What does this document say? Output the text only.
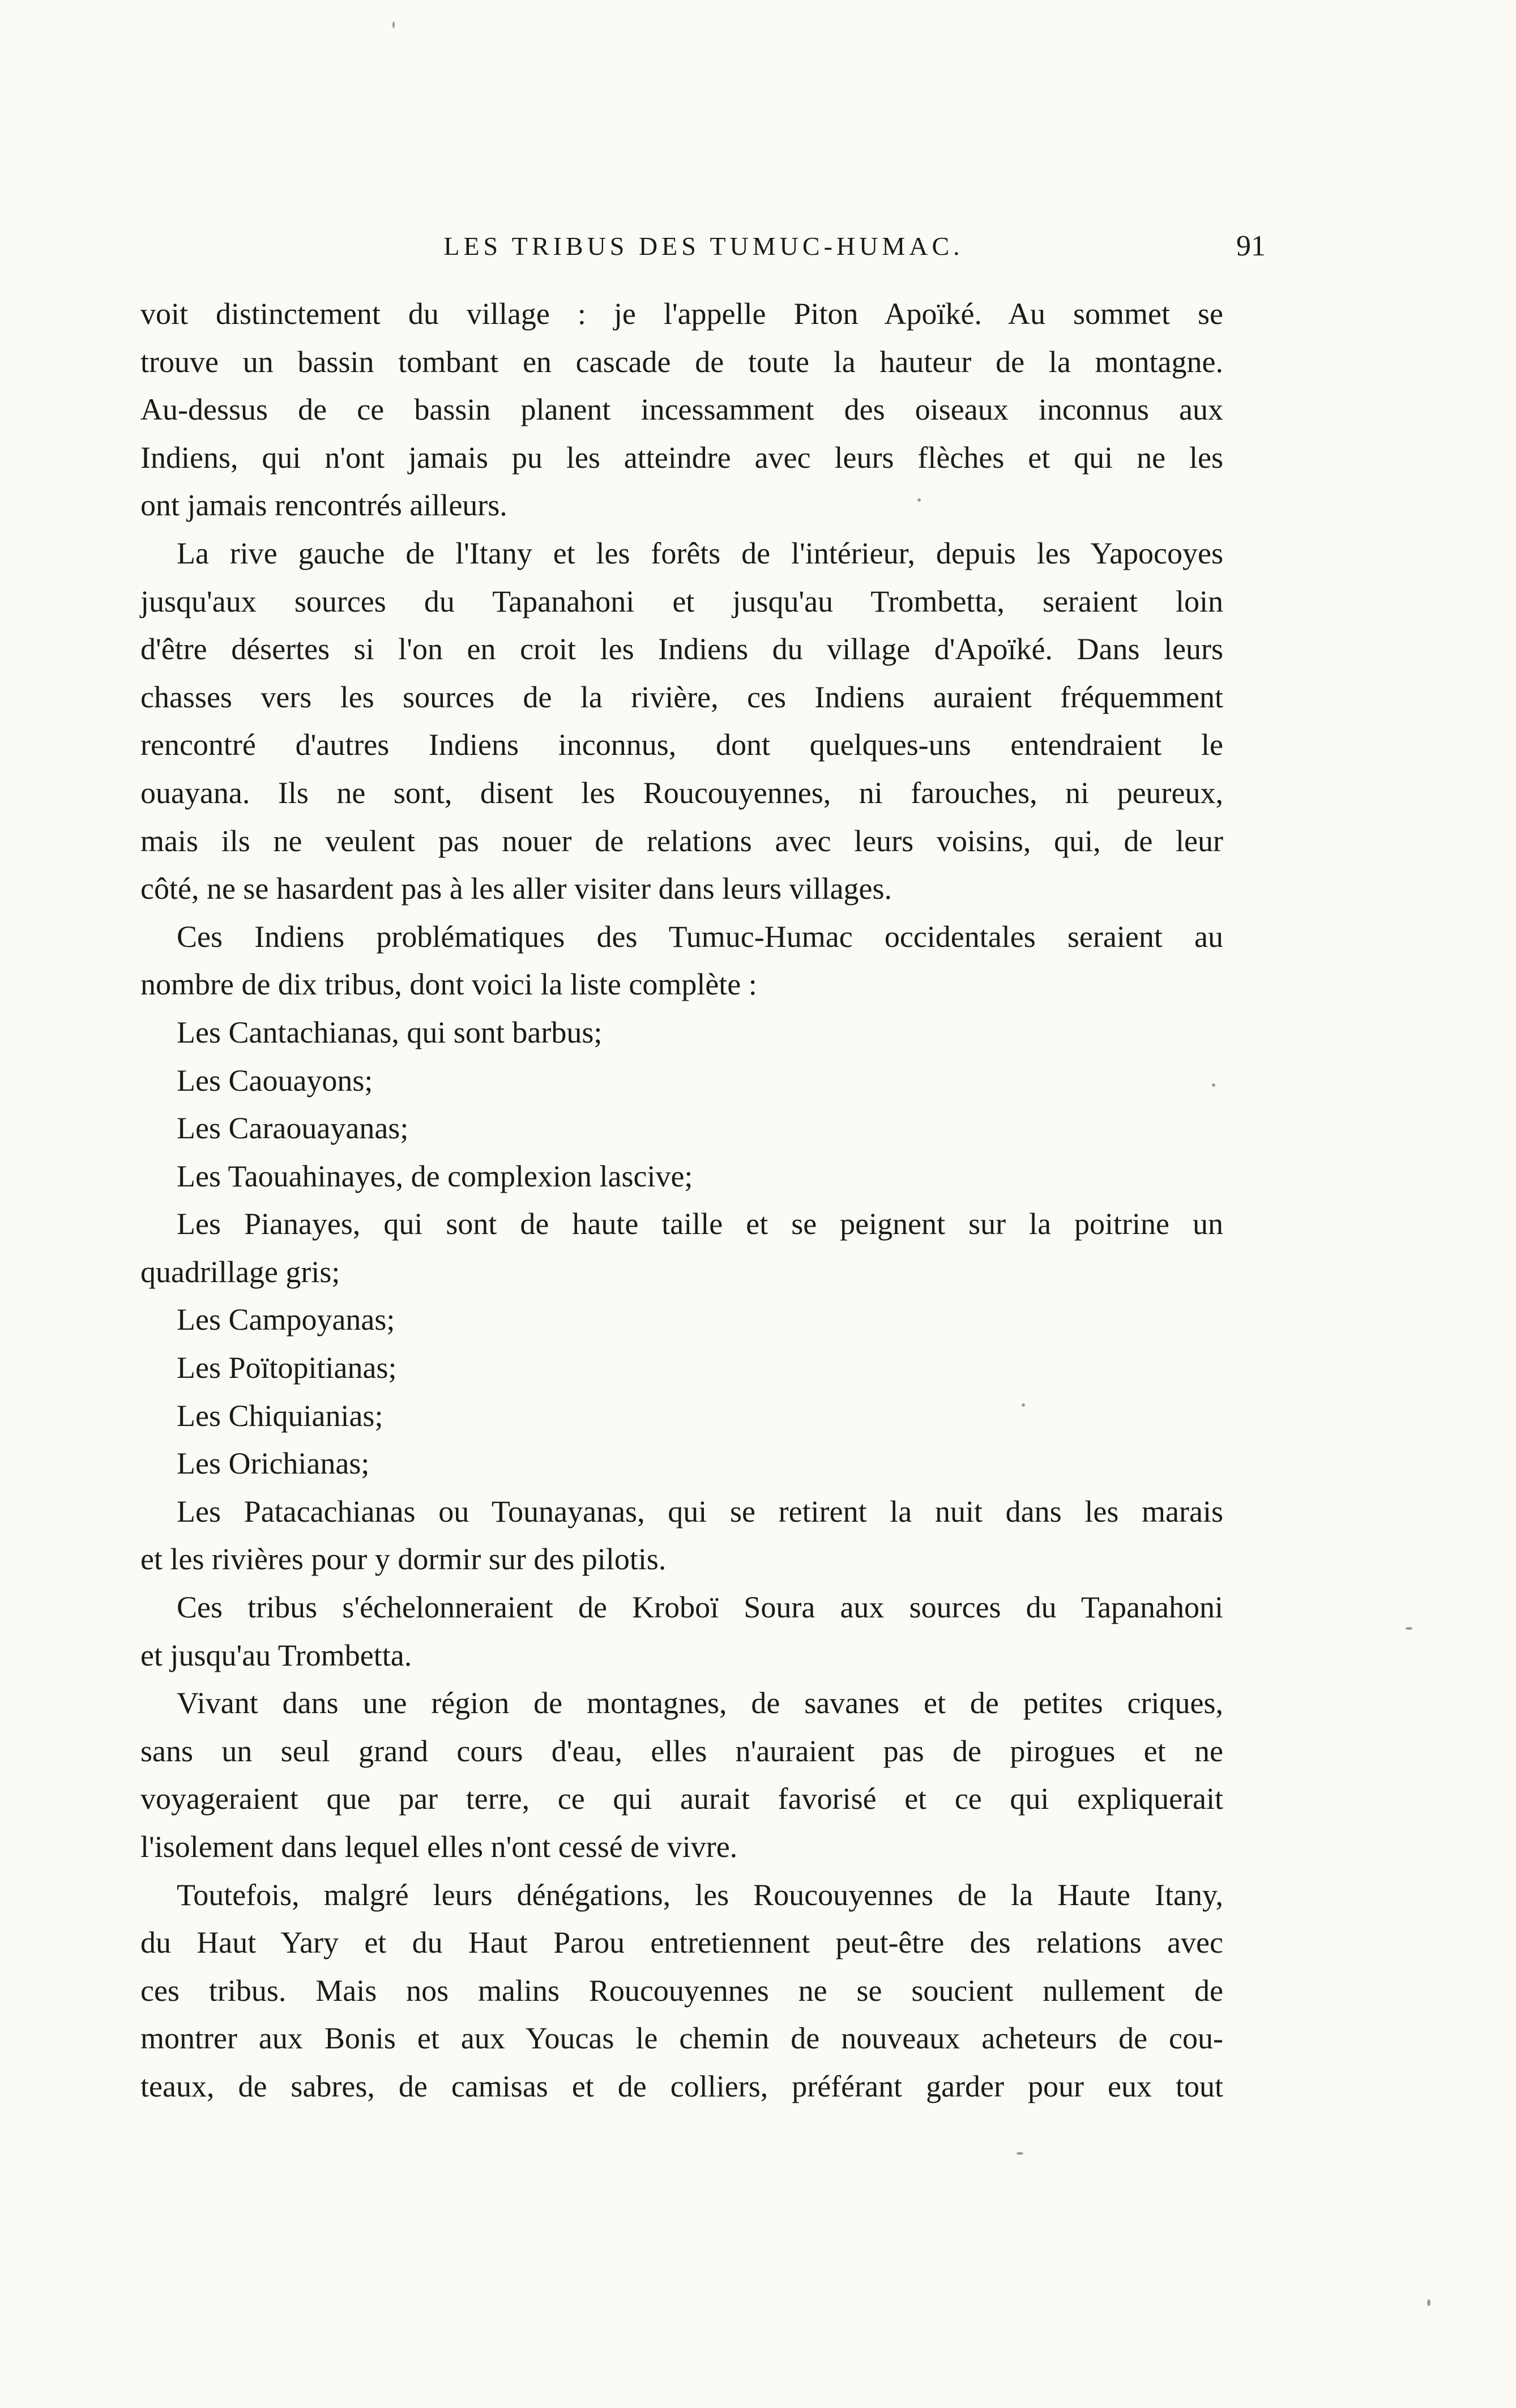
LES TRIBUS DES TUMUC-HUMAC.	91
voit distinctement du village : je l'appelle Piton Apoïké. Au sommet se
trouve un bassin tombant en cascade de toute la hauteur de la montagne.
Au-dessus de ce bassin planent incessamment des oiseaux inconnus aux
Indiens, qui n'ont jamais pu les atteindre avec leurs flèches et qui ne les
ont jamais rencontrés ailleurs.
La rive gauche de l'Itany et les forêts de l'intérieur, depuis les Yapocoyes
jusqu'aux sources du Tapanahoni et jusqu'au Trombetta, seraient loin
d'être désertes si l'on en croit les Indiens du village d'Apoïké. Dans leurs
chasses vers les sources de la rivière, ces Indiens auraient fréquemment
rencontré d'autres Indiens inconnus, dont quelques-uns entendraient le
ouayana. Ils ne sont, disent les Roucouyennes, ni farouches, ni peureux,
mais ils ne veulent pas nouer de relations avec leurs voisins, qui, de leur
côté, ne se hasardent pas à les aller visiter dans leurs villages.
Ces Indiens problématiques des Tumuc-Humac occidentales seraient au
nombre de dix tribus, dont voici la liste complète :
Les Cantachianas, qui sont barbus;
Les Caouayons;
Les Caraouayanas;
Les Taouahinayes, de complexion lascive;
Les Pianayes, qui sont de haute taille et se peignent sur la poitrine un
quadrillage gris;
Les Campoyanas;
Les Poïtopitianas;
Les Chiquianias;
Les Orichianas;
Les Patacachianas ou Tounayanas, qui se retirent la nuit dans les marais
et les rivières pour y dormir sur des pilotis.
Ces tribus s'échelonneraient de Kroboï Soura aux sources du Tapanahoni
et jusqu'au Trombetta.
Vivant dans une région de montagnes, de savanes et de petites criques,
sans un seul grand cours d'eau, elles n'auraient pas de pirogues et ne
voyageraient que par terre, ce qui aurait favorisé et ce qui expliquerait
l'isolement dans lequel elles n'ont cessé de vivre.
Toutefois, malgré leurs dénégations, les Roucouyennes de la Haute Itany,
du Haut Yary et du Haut Parou entretiennent peut-être des relations avec
ces tribus. Mais nos malins Roucouyennes ne se soucient nullement de
montrer aux Bonis et aux Youcas le chemin de nouveaux acheteurs de cou-
teaux, de sabres, de camisas et de colliers, préférant garder pour eux tout
